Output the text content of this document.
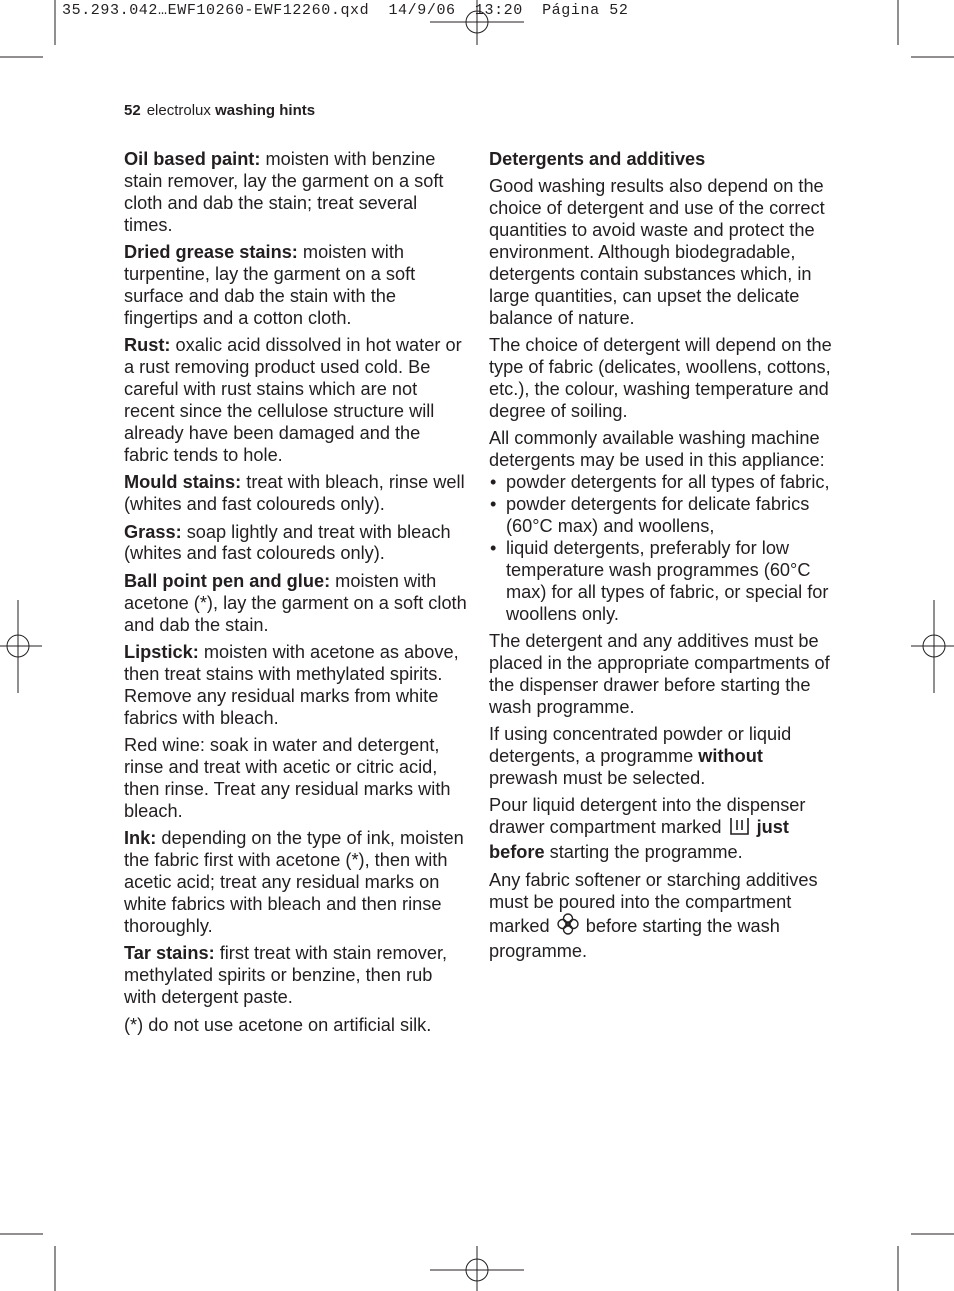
35.293.042…EWF10260-EWF12260.qxd  14/9/06  13:20  Página 52
52 electrolux washing hints

Oil based paint: moisten with benzine stain remover, lay the garment on a soft cloth and dab the stain; treat several times.

Dried grease stains: moisten with turpentine, lay the garment on a soft surface and dab the stain with the fingertips and a cotton cloth.

Rust: oxalic acid dissolved in hot water or a rust removing product used cold. Be careful with rust stains which are not recent since the cellulose structure will already have been damaged and the fabric tends to hole.

Mould stains: treat with bleach, rinse well (whites and fast coloureds only).

Grass: soap lightly and treat with bleach (whites and fast coloureds only).

Ball point pen and glue: moisten with acetone (*), lay the garment on a soft cloth and dab the stain.

Lipstick: moisten with acetone as above, then treat stains with methylated spirits. Remove any residual marks from white fabrics with bleach.

Red wine: soak in water and detergent, rinse and treat with acetic or citric acid, then rinse. Treat any residual marks with bleach.

Ink: depending on the type of ink, moisten the fabric first with acetone (*), then with acetic acid; treat any residual marks on white fabrics with bleach and then rinse thoroughly.

Tar stains: first treat with stain remover, methylated spirits or benzine, then rub with detergent paste.

(*) do not use acetone on artificial silk.

Detergents and additives

Good washing results also depend on the choice of detergent and use of the correct quantities to avoid waste and protect the environment. Although biodegradable, detergents contain substances which, in large quantities, can upset the delicate balance of nature.

The choice of detergent will depend on the type of fabric (delicates, woollens, cottons, etc.), the colour, washing temperature and degree of soiling.

All commonly available washing machine detergents may be used in this appliance:

• powder detergents for all types of fabric,
• powder detergents for delicate fabrics (60°C max) and woollens,
• liquid detergents, preferably for low temperature wash programmes (60°C max) for all types of fabric, or special for woollens only.

The detergent and any additives must be placed in the appropriate compartments of the dispenser drawer before starting the wash programme.

If using concentrated powder or liquid detergents, a programme without prewash must be selected.

Pour liquid detergent into the dispenser drawer compartment marked  just before starting the programme.

Any fabric softener or starching additives must be poured into the compartment marked  before starting the wash programme.
